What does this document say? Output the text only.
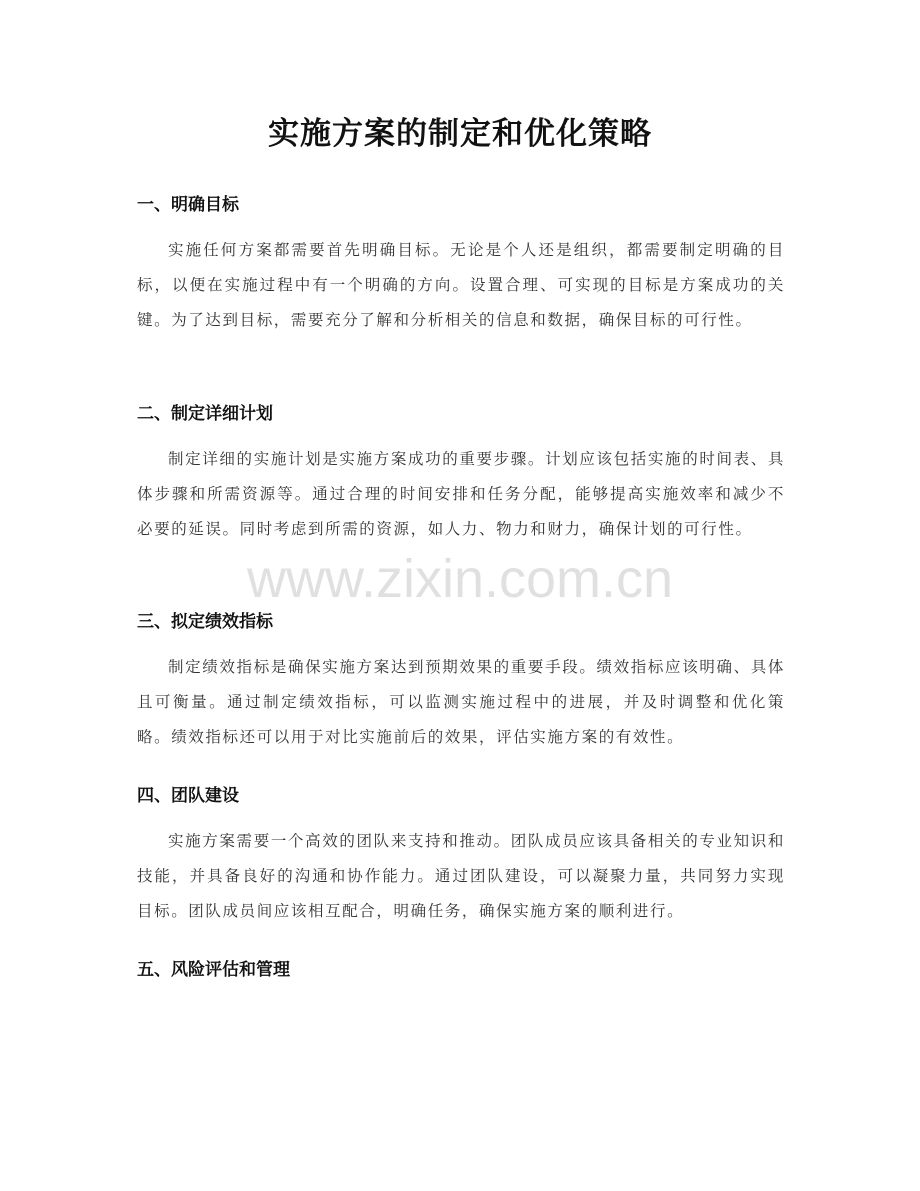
实施方案的制定和优化策略
一、明确目标

实施任何方案都需要首先明确目标。无论是个人还是组织，都需要制定明确的目标，以便在实施过程中有一个明确的方向。设置合理、可实现的目标是方案成功的关键。为了达到目标，需要充分了解和分析相关的信息和数据，确保目标的可行性。

二、制定详细计划

制定详细的实施计划是实施方案成功的重要步骤。计划应该包括实施的时间表、具体步骤和所需资源等。通过合理的时间安排和任务分配，能够提高实施效率和减少不必要的延误。同时考虑到所需的资源，如人力、物力和财力，确保计划的可行性。

三、拟定绩效指标

制定绩效指标是确保实施方案达到预期效果的重要手段。绩效指标应该明确、具体且可衡量。通过制定绩效指标，可以监测实施过程中的进展，并及时调整和优化策略。绩效指标还可以用于对比实施前后的效果，评估实施方案的有效性。

四、团队建设

实施方案需要一个高效的团队来支持和推动。团队成员应该具备相关的专业知识和技能，并具备良好的沟通和协作能力。通过团队建设，可以凝聚力量，共同努力实现目标。团队成员间应该相互配合，明确任务，确保实施方案的顺利进行。

五、风险评估和管理
www.zixin.com.cn
